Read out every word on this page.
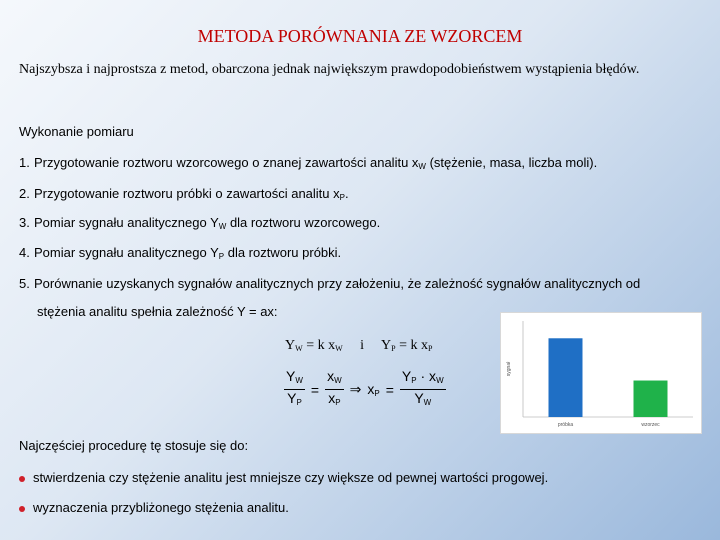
METODA PORÓWNANIA ZE WZORCEM
Najszybsza i najprostsza z metod, obarczona jednak największym prawdopodobieństwem wystąpienia błędów.
Wykonanie pomiaru
1. Przygotowanie roztworu wzorcowego o znanej zawartości analitu $x_W$ (stężenie, masa, liczba moli).
2. Przygotowanie roztworu próbki o zawartości analitu $x_P$.
3. Pomiar sygnału analitycznego $Y_W$ dla roztworu wzorcowego.
4. Pomiar sygnału analitycznego $Y_P$ dla roztworu próbki.
5. Porównanie uzyskanych sygnałów analitycznych przy założeniu, że zależność sygnałów analitycznych od
stężenia analitu spełnia zależność Y = ax:
$Y_W = k$ $x_W$ i $Y_P = k$ $x_P$
$\frac{Y_W}{Y_P} = \frac{x_W}{x_P}$ ⇒ $x_P = \frac{Y_P \cdot x_W}{Y_W}$	sygnał
próbka	wzorzec
Najczęściej procedurę tę stosuje się do:
stwierdzenia czy stężenie analitu jest mniejsze czy większe od pewnej wartości progowej.
wyznaczenia przybliżonego stężenia analitu.
